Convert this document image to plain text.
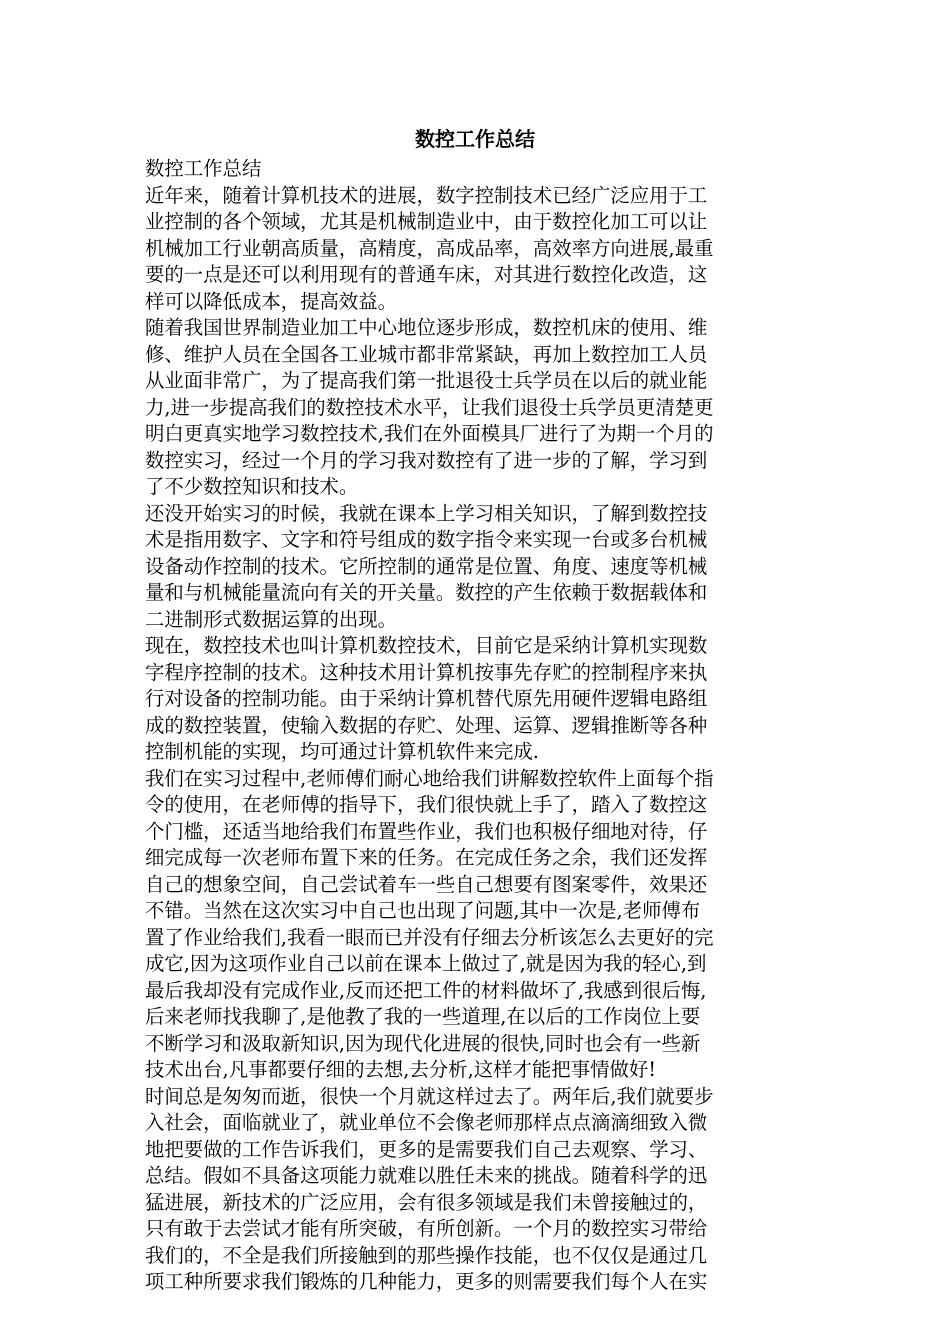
数控工作总结

数控工作总结

近年来，随着计算机技术的进展，数字控制技术已经广泛应用于工

业控制的各个领域，尤其是机械制造业中，由于数控化加工可以让

机械加工行业朝高质量，高精度，高成品率，高效率方向进展,最重

要的一点是还可以利用现有的普通车床，对其进行数控化改造，这

样可以降低成本，提高效益。

随着我国世界制造业加工中心地位逐步形成，数控机床的使用、维

修、维护人员在全国各工业城市都非常紧缺，再加上数控加工人员

从业面非常广，为了提高我们第一批退役士兵学员在以后的就业能

力,进一步提高我们的数控技术水平，让我们退役士兵学员更清楚更

明白更真实地学习数控技术,我们在外面模具厂进行了为期一个月的

数控实习，经过一个月的学习我对数控有了进一步的了解，学习到

了不少数控知识和技术。

还没开始实习的时候，我就在课本上学习相关知识，了解到数控技

术是指用数字、文字和符号组成的数字指令来实现一台或多台机械

设备动作控制的技术。它所控制的通常是位置、角度、速度等机械

量和与机械能量流向有关的开关量。数控的产生依赖于数据载体和

二进制形式数据运算的出现。

现在，数控技术也叫计算机数控技术，目前它是采纳计算机实现数

字程序控制的技术。这种技术用计算机按事先存贮的控制程序来执

行对设备的控制功能。由于采纳计算机替代原先用硬件逻辑电路组

成的数控装置，使输入数据的存贮、处理、运算、逻辑推断等各种

控制机能的实现，均可通过计算机软件来完成.

我们在实习过程中,老师傅们耐心地给我们讲解数控软件上面每个指

令的使用，在老师傅的指导下，我们很快就上手了，踏入了数控这

个门槛，还适当地给我们布置些作业，我们也积极仔细地对待，仔

细完成每一次老师布置下来的任务。在完成任务之余，我们还发挥

自己的想象空间，自己尝试着车一些自己想要有图案零件，效果还

不错。当然在这次实习中自己也出现了问题,其中一次是,老师傅布

置了作业给我们,我看一眼而已并没有仔细去分析该怎么去更好的完

成它,因为这项作业自己以前在课本上做过了,就是因为我的轻心,到

最后我却没有完成作业,反而还把工件的材料做坏了,我感到很后悔,

后来老师找我聊了,是他教了我的一些道理,在以后的工作岗位上要

不断学习和汲取新知识,因为现代化进展的很快,同时也会有一些新

技术出台,凡事都要仔细的去想,去分析,这样才能把事情做好!

时间总是匆匆而逝，很快一个月就这样过去了。两年后,我们就要步

入社会，面临就业了，就业单位不会像老师那样点点滴滴细致入微

地把要做的工作告诉我们，更多的是需要我们自己去观察、学习、

总结。假如不具备这项能力就难以胜任未来的挑战。随着科学的迅

猛进展，新技术的广泛应用，会有很多领域是我们未曾接触过的，

只有敢于去尝试才能有所突破，有所创新。一个月的数控实习带给

我们的，不全是我们所接触到的那些操作技能，也不仅仅是通过几

项工种所要求我们锻炼的几种能力，更多的则需要我们每个人在实
